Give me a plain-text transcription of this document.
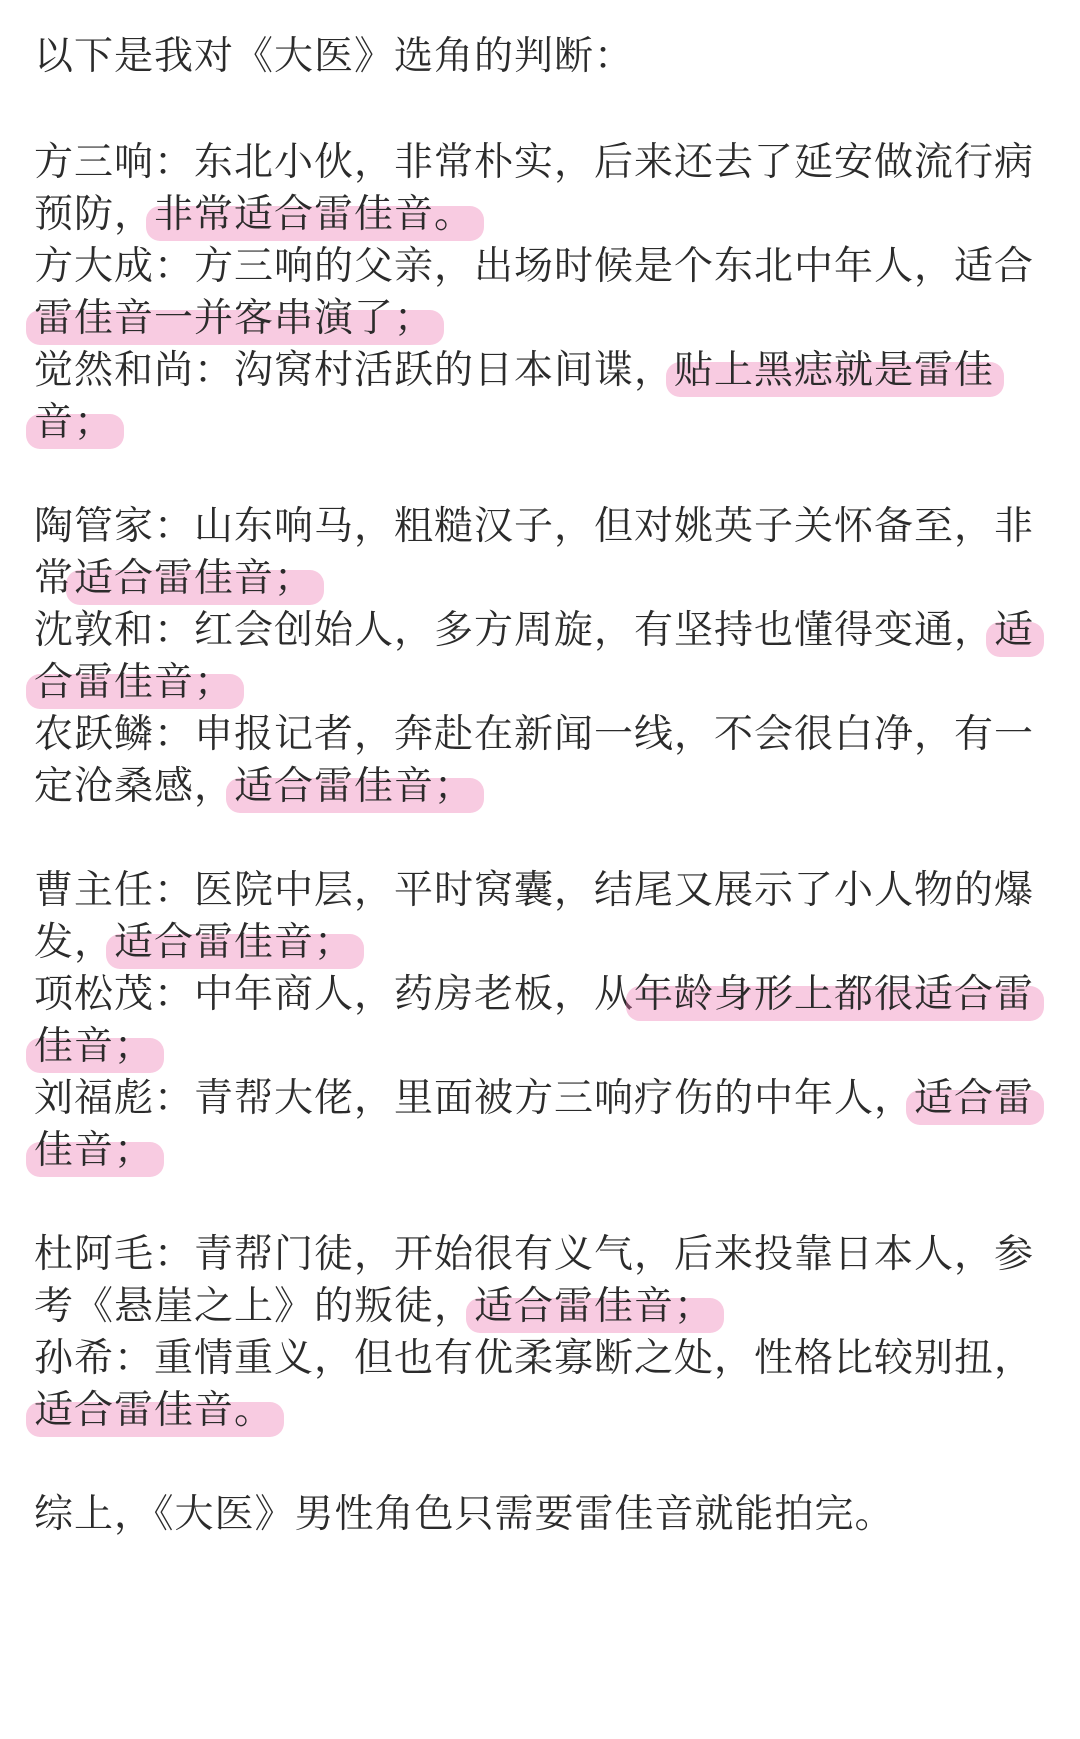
以下是我对《大医》选角的判断：
方三响：东北小伙，非常朴实，后来还去了延安做流行病
预防，非常适合雷佳音。
方大成：方三响的父亲，出场时候是个东北中年人，适合
雷佳音一并客串演了；
觉然和尚：沟窝村活跃的日本间谍，贴上黑痣就是雷佳
音；
陶管家：山东响马，粗糙汉子，但对姚英子关怀备至，非
常适合雷佳音；
沈敦和：红会创始人，多方周旋，有坚持也懂得变通，适
合雷佳音；
农跃鳞：申报记者，奔赴在新闻一线，不会很白净，有一
定沧桑感，适合雷佳音；
曹主任：医院中层，平时窝囊，结尾又展示了小人物的爆
发，适合雷佳音；
项松茂：中年商人，药房老板，从年龄身形上都很适合雷
佳音；
刘福彪：青帮大佬，里面被方三响疗伤的中年人，适合雷
佳音；
杜阿毛：青帮门徒，开始很有义气，后来投靠日本人，参
考《悬崖之上》的叛徒，适合雷佳音；
孙希：重情重义，但也有优柔寡断之处，性格比较别扭，
适合雷佳音。
综上，《大医》男性角色只需要雷佳音就能拍完。
